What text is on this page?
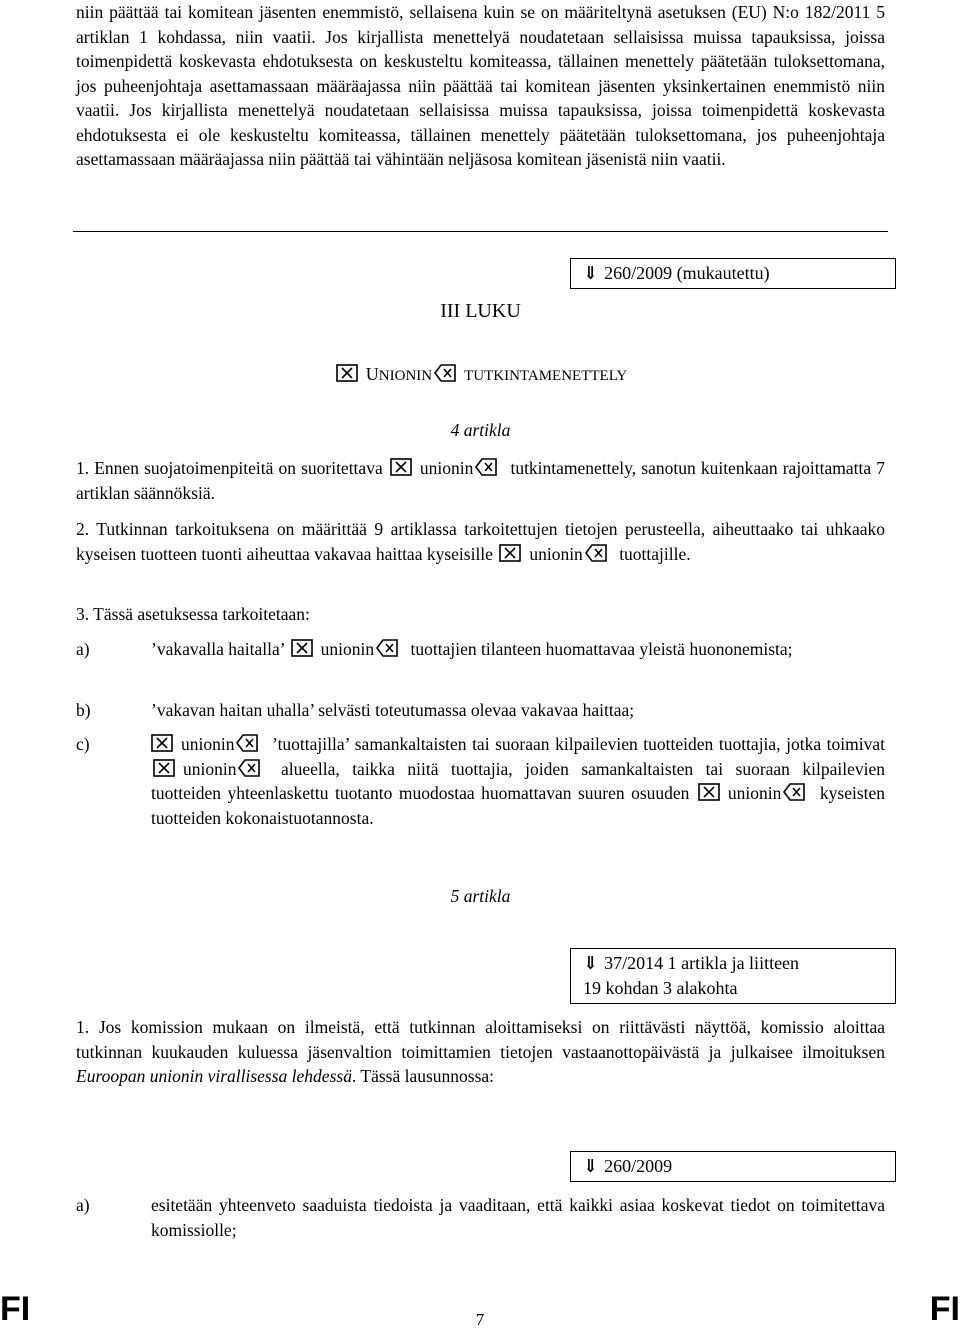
niin päättää tai komitean jäsenten enemmistö, sellaisena kuin se on määriteltynä asetuksen (EU) N:o 182/2011 5 artiklan 1 kohdassa, niin vaatii. Jos kirjallista menettelyä noudatetaan sellaisissa muissa tapauksissa, joissa toimenpidettä koskevasta ehdotuksesta on keskusteltu komiteassa, tällainen menettely päätetään tuloksettomana, jos puheenjohtaja asettamassaan määräajassa niin päättää tai komitean jäsenten yksinkertainen enemmistö niin vaatii. Jos kirjallista menettelyä noudatetaan sellaisissa muissa tapauksissa, joissa toimenpidettä koskevasta ehdotuksesta ei ole keskusteltu komiteassa, tällainen menettely päätetään tuloksettomana, jos puheenjohtaja asettamassaan määräajassa niin päättää tai vähintään neljäsosa komitean jäsenistä niin vaatii.

⇓ 260/2009 (mukautettu)
III LUKU
UNIONIN TUTKINTAMENETTELY
4 artikla

1. Ennen suojatoimenpiteitä on suoritettava unionin tutkintamenettely, sanotun kuitenkaan rajoittamatta 7 artiklan säännöksiä.

2. Tutkinnan tarkoituksena on määrittää 9 artiklassa tarkoitettujen tietojen perusteella, aiheuttaako tai uhkaako kyseisen tuotteen tuonti aiheuttaa vakavaa haittaa kyseisille unionin tuottajille.

3. Tässä asetuksessa tarkoitetaan:

a)	’vakavalla haitalla’ unionin tuottajien tilanteen huomattavaa yleistä huononemista;
b)	’vakavan haitan uhalla’ selvästi toteutumassa olevaa vakavaa haittaa;
c)	unionin ’tuottajilla’ samankaltaisten tai suoraan kilpailevien tuotteiden tuottajia, jotka toimivat
unionin	alueella, taikka niitä tuottajia, joiden samankaltaisten tai suoraan kilpailevien tuotteiden yhteenlaskettu tuotanto muodostaa huomattavan suuren osuuden unionin kyseisten tuotteiden kokonaistuotannosta.
5 artikla
⇓ 37/2014 1 artikla ja liitteen
19 kohdan 3 alakohta

1. Jos komission mukaan on ilmeistä, että tutkinnan aloittamiseksi on riittävästi näyttöä, komissio aloittaa tutkinnan kuukauden kuluessa jäsenvaltion toimittamien tietojen vastaanottopäivästä ja julkaisee ilmoituksen Euroopan unionin virallisessa lehdessä. Tässä lausunnossa:

⇓ 260/2009
a)	esitetään yhteenveto saaduista tiedoista ja vaaditaan, että kaikki asiaa koskevat tiedot on toimitettava komissiolle;
FI	7	FI
